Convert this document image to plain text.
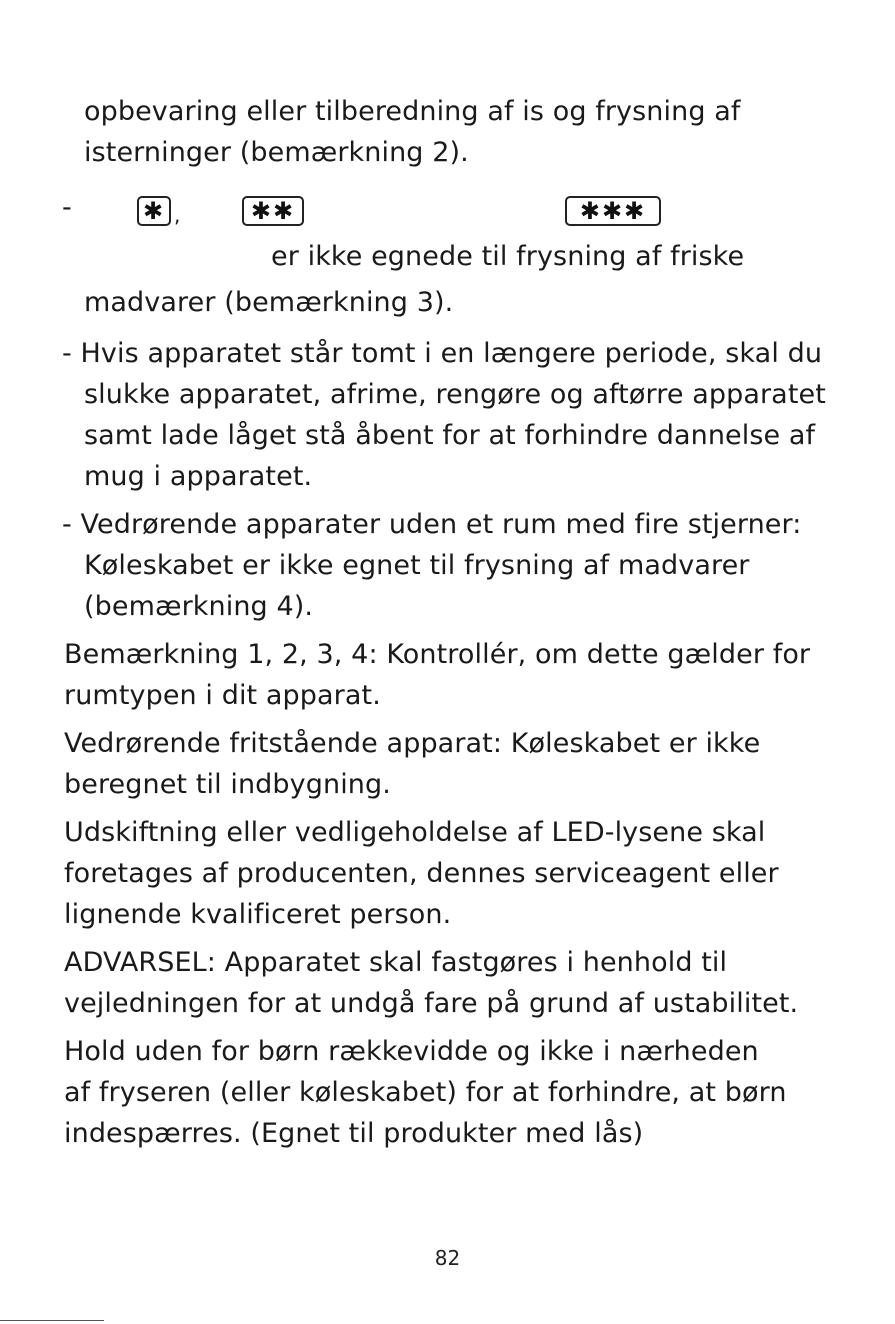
opbevaring eller tilberedning af is og frysning af
isterninger (bemærkning 2).
-	✱ ,	✱✱	✱✱✱
er ikke egnede til frysning af friske
madvarer (bemærkning 3).
- Hvis apparatet står tomt i en længere periode, skal du
slukke apparatet, afrime, rengøre og aftørre apparatet
samt lade låget stå åbent for at forhindre dannelse af
mug i apparatet.
- Vedrørende apparater uden et rum med fire stjerner:
Køleskabet er ikke egnet til frysning af madvarer
(bemærkning 4).
Bemærkning 1, 2, 3, 4: Kontrollér, om dette gælder for
rumtypen i dit apparat.
Vedrørende fritstående apparat: Køleskabet er ikke
beregnet til indbygning.
Udskiftning eller vedligeholdelse af LED-lysene skal
foretages af producenten, dennes serviceagent eller
lignende kvalificeret person.
ADVARSEL: Apparatet skal fastgøres i henhold til
vejledningen for at undgå fare på grund af ustabilitet.
Hold uden for børn rækkevidde og ikke i nærheden
af fryseren (eller køleskabet) for at forhindre, at børn
indespærres. (Egnet til produkter med lås)
82
